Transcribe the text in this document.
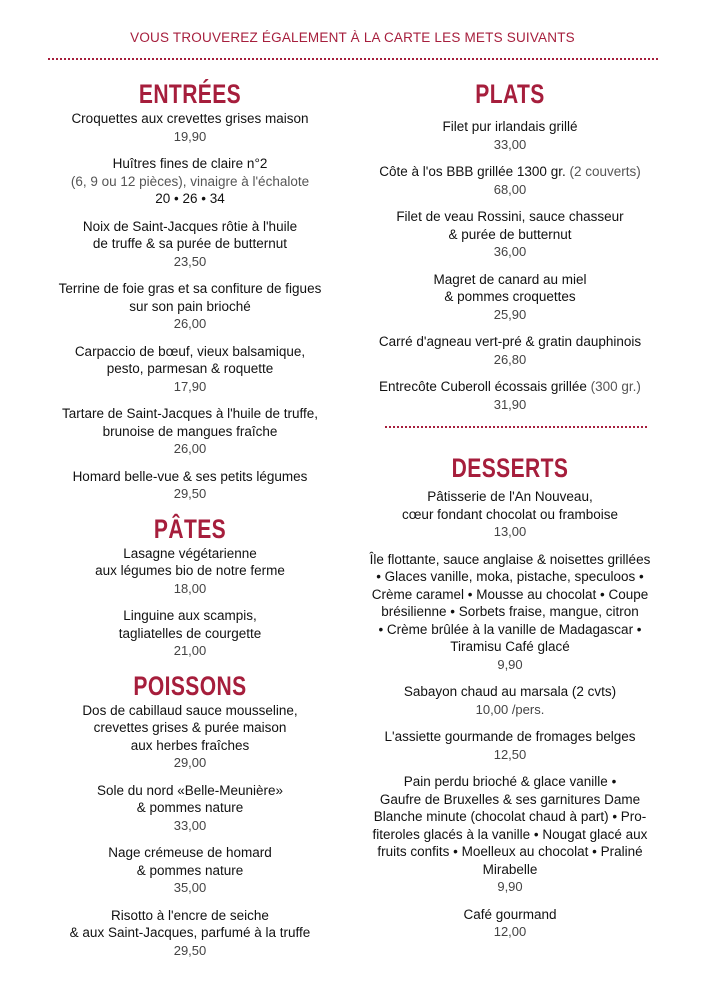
VOUS TROUVEREZ ÉGALEMENT À LA CARTE LES METS SUIVANTS
ENTRÉES
Croquettes aux crevettes grises maison
19,90
Huîtres fines de claire n°2
(6, 9 ou 12 pièces), vinaigre à l'échalote
20 • 26 • 34
Noix de Saint-Jacques rôtie à l'huile
de truffe & sa purée de butternut
23,50
Terrine de foie gras et sa confiture de figues
sur son pain brioché
26,00
Carpaccio de bœuf, vieux balsamique,
pesto, parmesan & roquette
17,90
Tartare de Saint-Jacques à l'huile de truffe,
brunoise de mangues fraîche
26,00
Homard belle-vue & ses petits légumes
29,50
PÂTES
Lasagne végétarienne
aux légumes bio de notre ferme
18,00
Linguine aux scampis,
tagliatelles de courgette
21,00
POISSONS
Dos de cabillaud sauce mousseline,
crevettes grises & purée maison
aux herbes fraîches
29,00
Sole du nord «Belle-Meunière»
& pommes nature
33,00
Nage crémeuse de homard
& pommes nature
35,00
Risotto à l'encre de seiche
& aux Saint-Jacques, parfumé à la truffe
29,50
PLATS
Filet pur irlandais grillé
33,00
Côte à l'os BBB grillée 1300 gr. (2 couverts)
68,00
Filet de veau Rossini, sauce chasseur
& purée de butternut
36,00
Magret de canard au miel
& pommes croquettes
25,90
Carré d'agneau vert-pré & gratin dauphinois
26,80
Entrecôte Cuberoll écossais grillée (300 gr.)
31,90
DESSERTS
Pâtisserie de l'An Nouveau,
cœur fondant chocolat ou framboise
13,00
Île flottante, sauce anglaise & noisettes grillées
• Glaces vanille, moka, pistache, speculoos •
Crème caramel • Mousse au chocolat • Coupe
brésilienne • Sorbets fraise, mangue, citron
• Crème brûlée à la vanille de Madagascar •
Tiramisu Café glacé
9,90
Sabayon chaud au marsala (2 cvts)
10,00 /pers.
L'assiette gourmande de fromages belges
12,50
Pain perdu brioché & glace vanille •
Gaufre de Bruxelles & ses garnitures Dame
Blanche minute (chocolat chaud à part) • Pro-
fiteroles glacés à la vanille • Nougat glacé aux
fruits confits • Moelleux au chocolat • Praliné
Mirabelle
9,90
Café gourmand
12,00
